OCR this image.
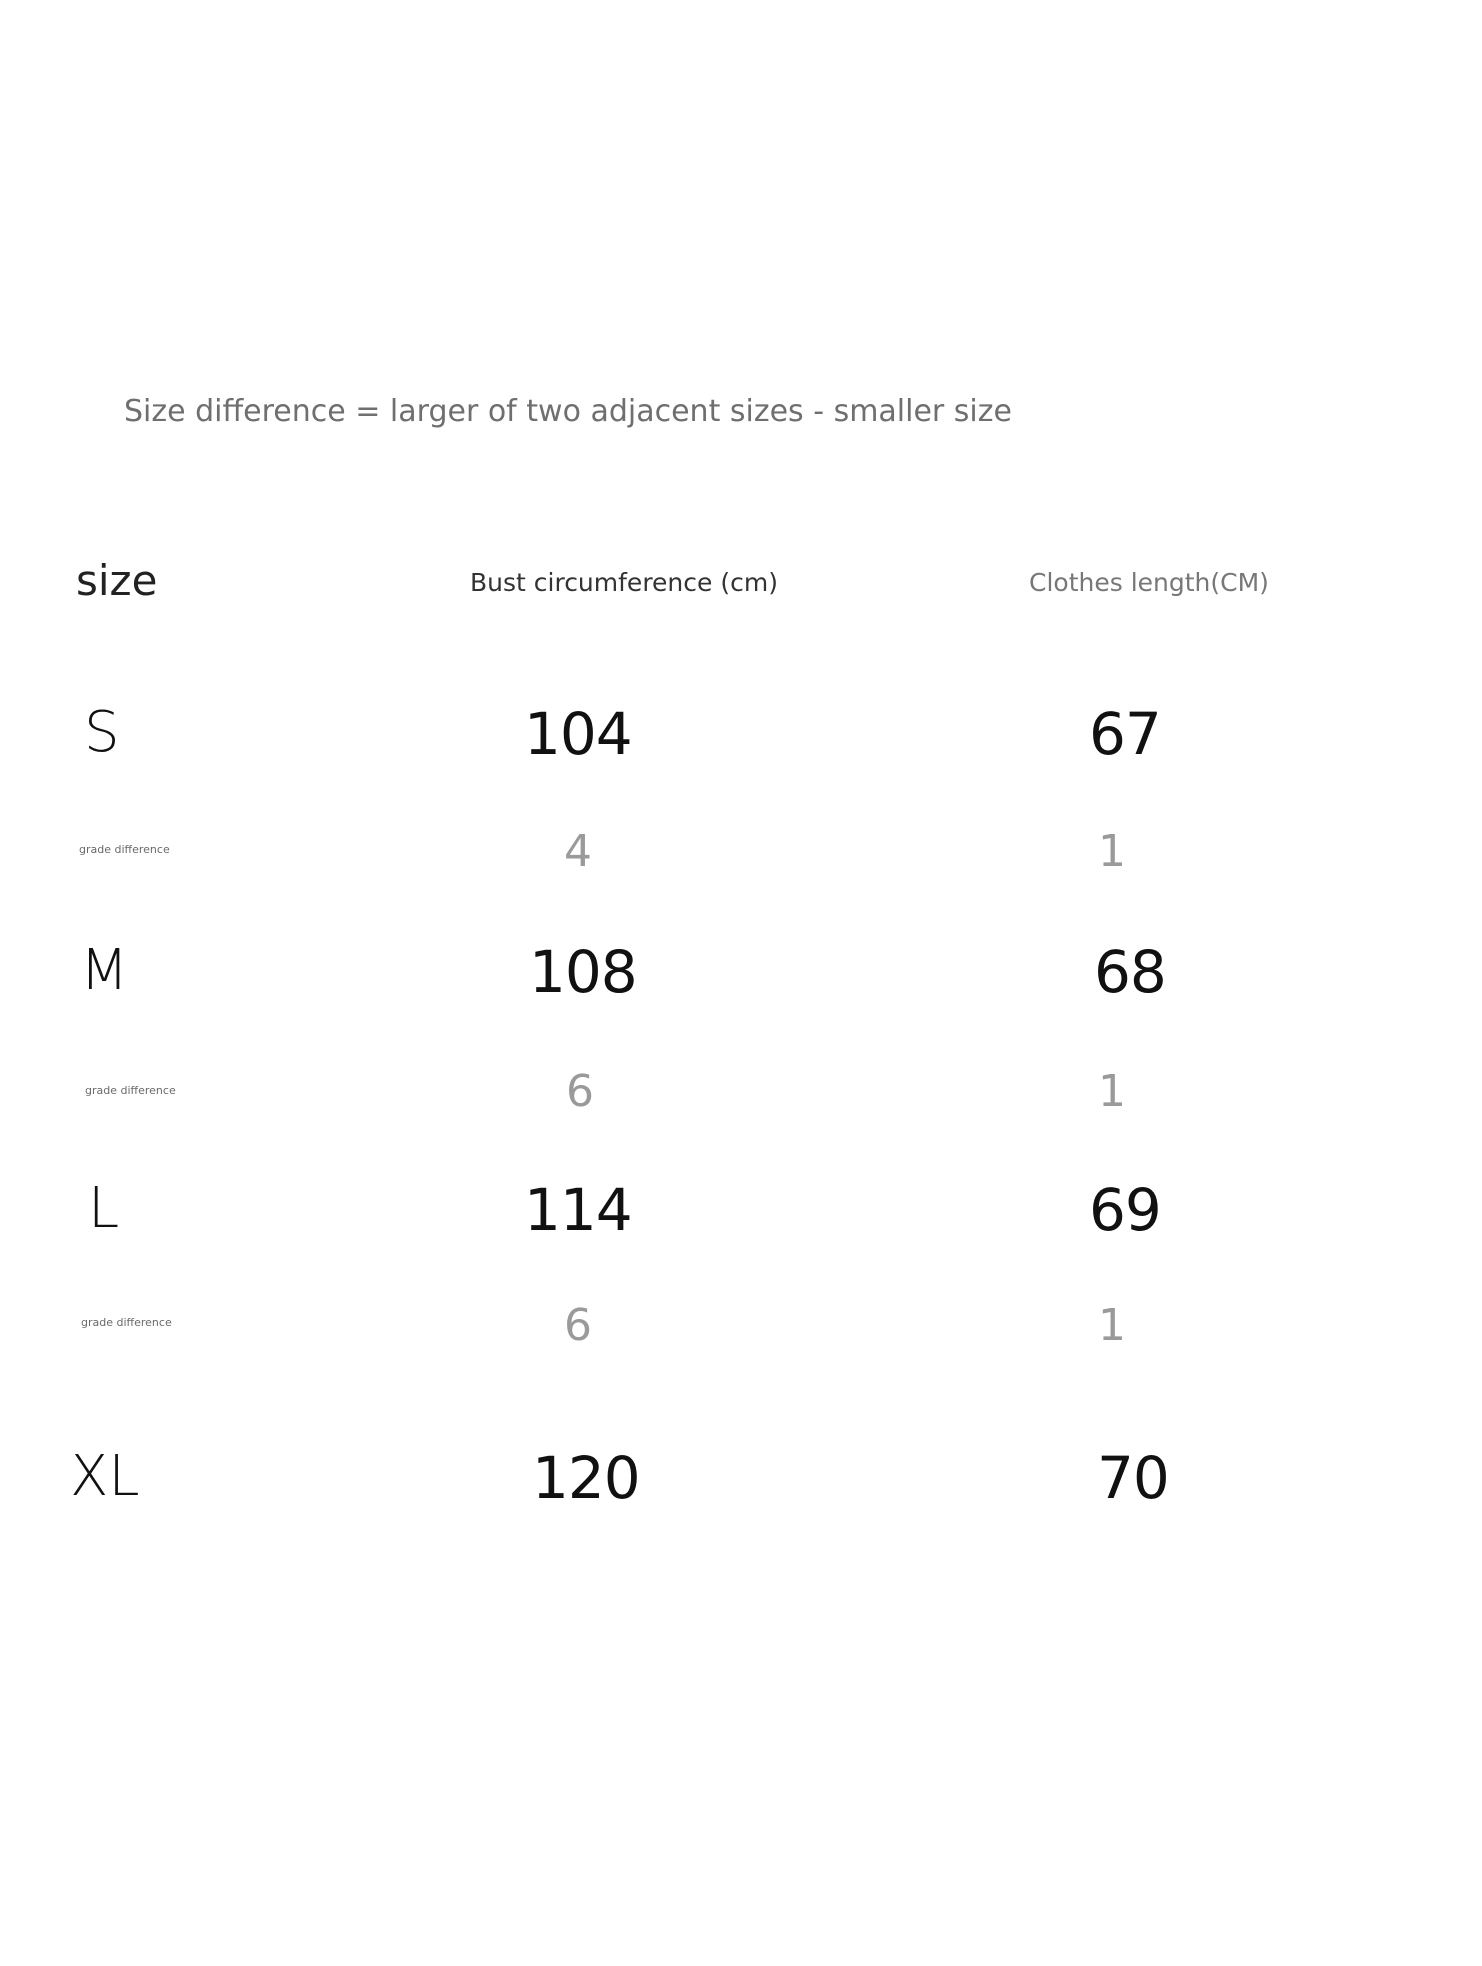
Size difference = larger of two adjacent sizes - smaller size
size	Bust circumference (cm)	Clothes length(CM)
S	104	67
grade difference	4	1
M	108	68
grade difference	6	1
L	114	69
grade difference	6	1
XL	120	70
